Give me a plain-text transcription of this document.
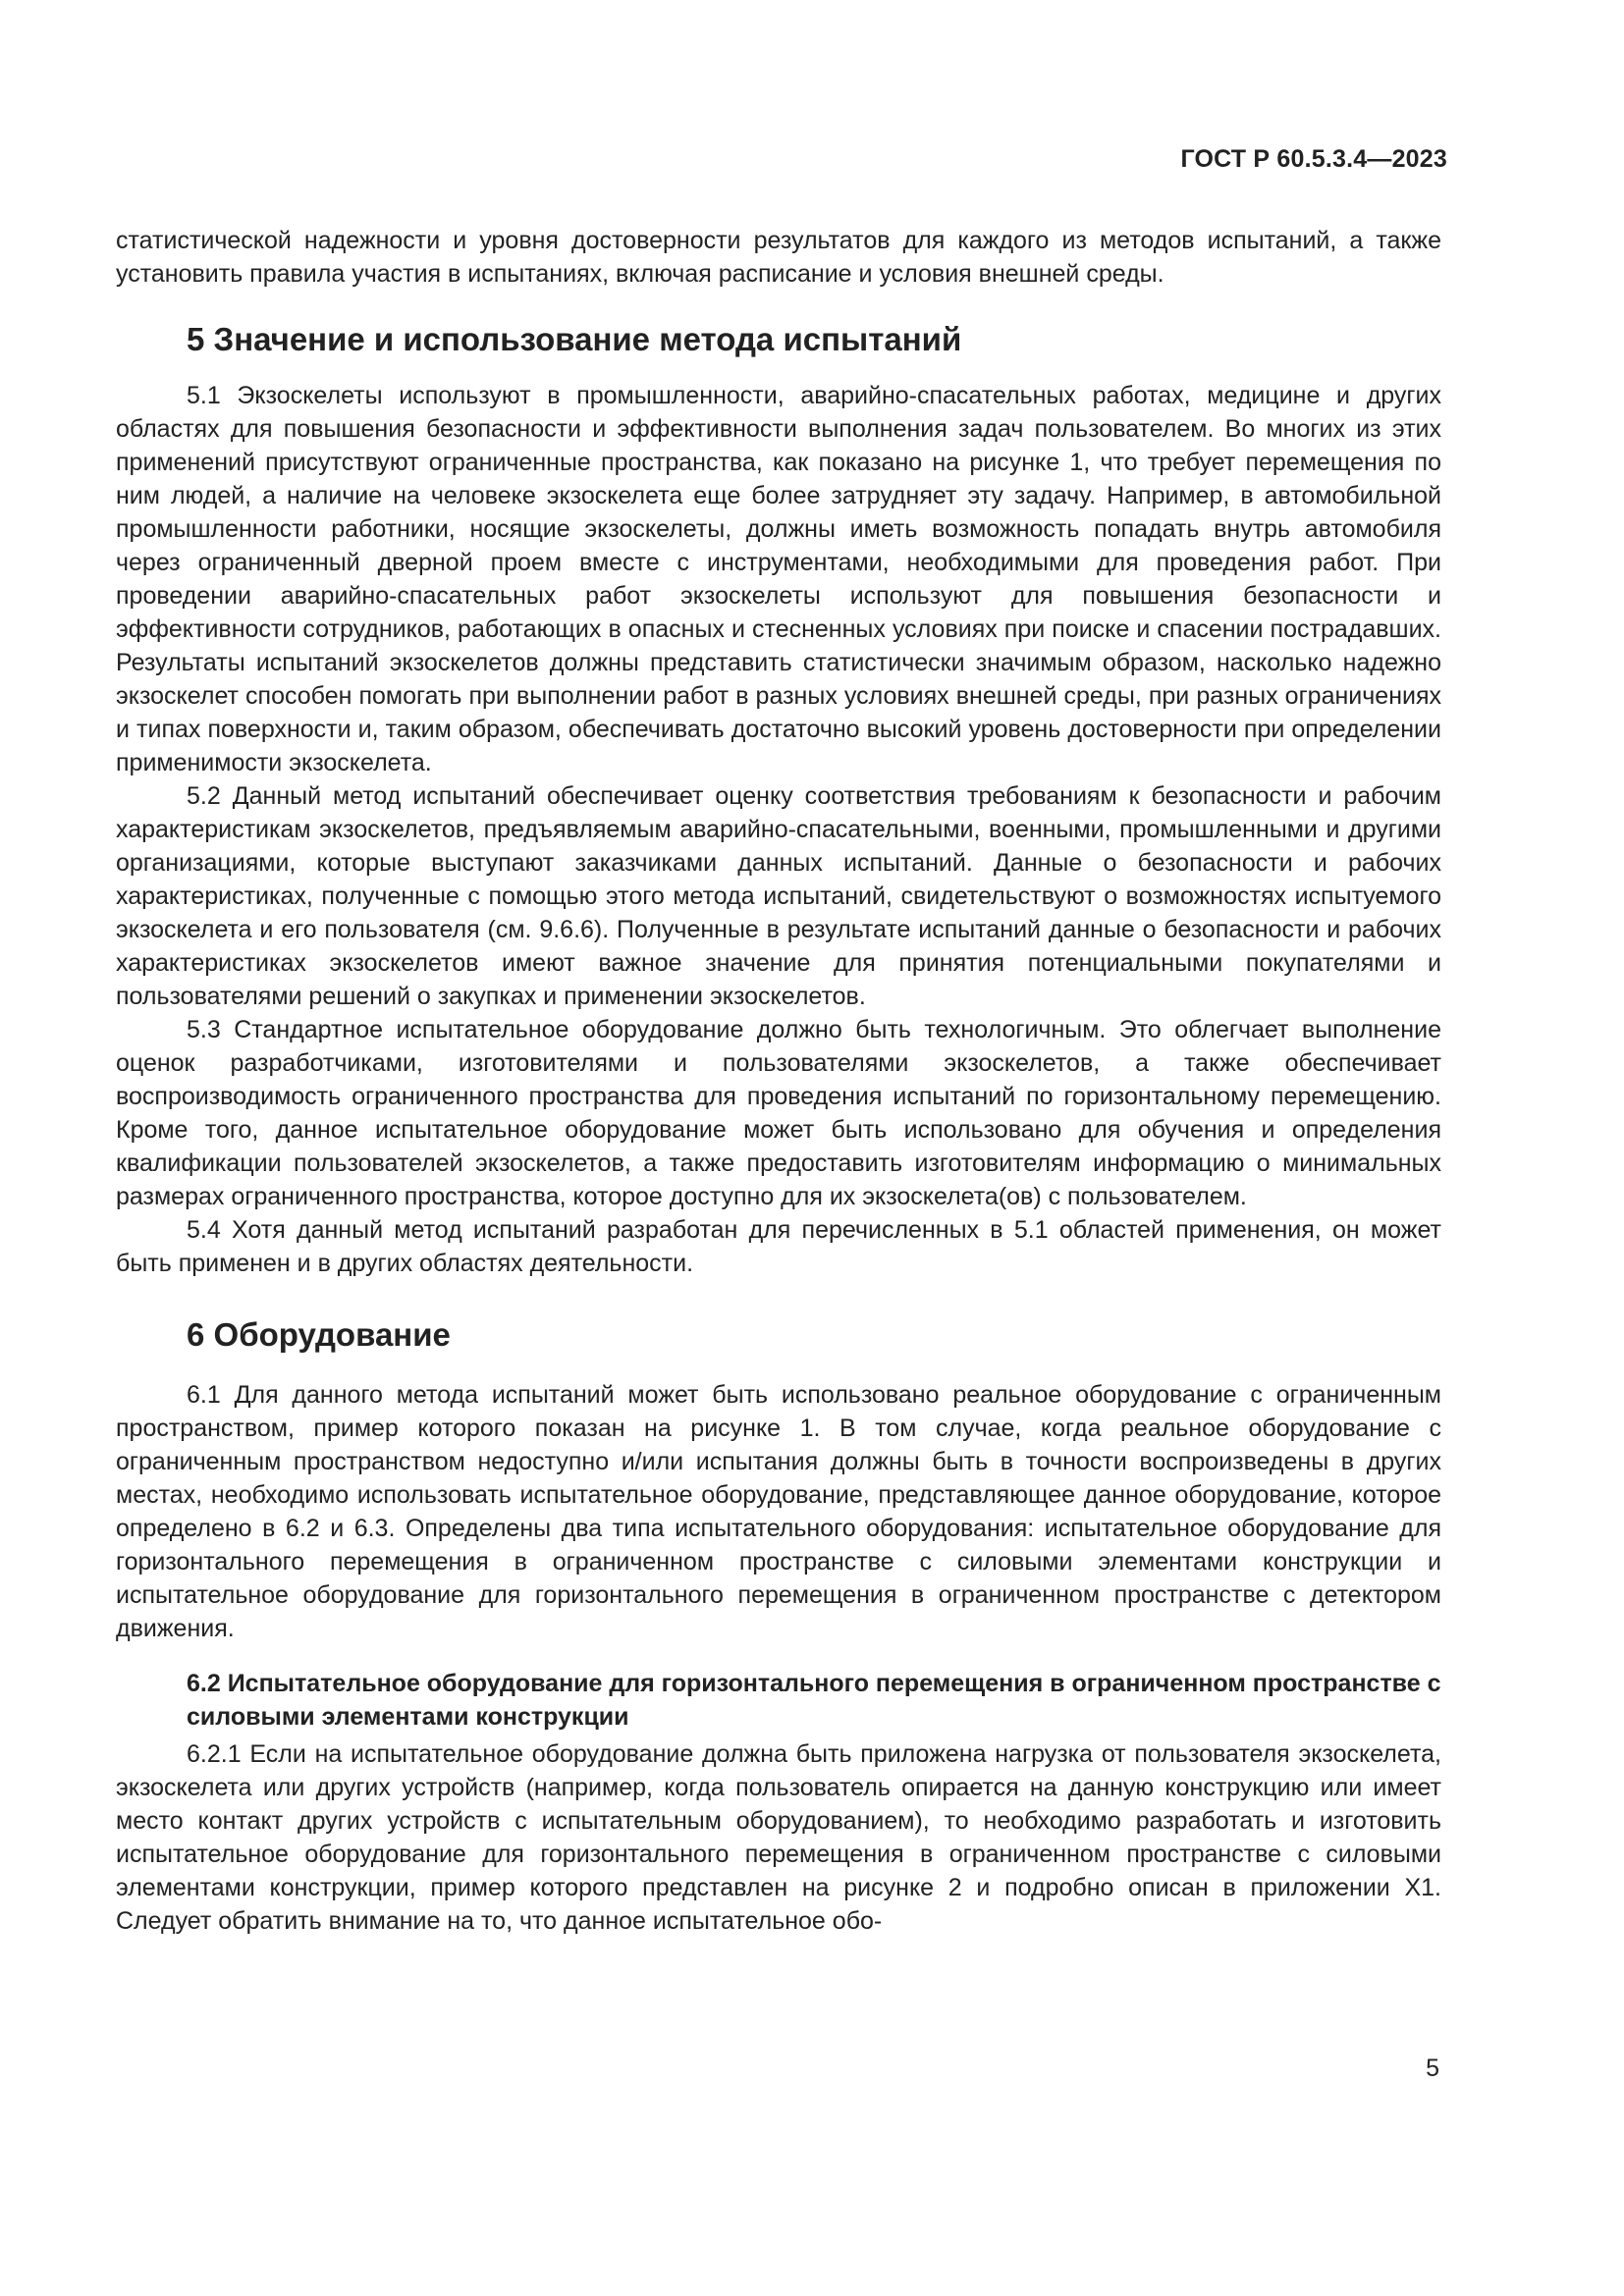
ГОСТ Р 60.5.3.4—2023

статистической надежности и уровня достоверности результатов для каждого из методов испытаний, а также установить правила участия в испытаниях, включая расписание и условия внешней среды.

5 Значение и использование метода испытаний

5.1 Экзоскелеты используют в промышленности, аварийно-спасательных работах, медицине и других областях для повышения безопасности и эффективности выполнения задач пользователем. Во многих из этих применений присутствуют ограниченные пространства, как показано на рисунке 1, что требует перемещения по ним людей, а наличие на человеке экзоскелета еще более затрудняет эту задачу. Например, в автомобильной промышленности работники, носящие экзоскелеты, должны иметь возможность попадать внутрь автомобиля через ограниченный дверной проем вместе с инструментами, необходимыми для проведения работ. При проведении аварийно-спасательных работ экзоскелеты используют для повышения безопасности и эффективности сотрудников, работающих в опасных и стесненных условиях при поиске и спасении пострадавших. Результаты испытаний экзоскелетов должны представить статистически значимым образом, насколько надежно экзоскелет способен помогать при выполнении работ в разных условиях внешней среды, при разных ограничениях и типах поверхности и, таким образом, обеспечивать достаточно высокий уровень достоверности при определении применимости экзоскелета.

5.2 Данный метод испытаний обеспечивает оценку соответствия требованиям к безопасности и рабочим характеристикам экзоскелетов, предъявляемым аварийно-спасательными, военными, промышленными и другими организациями, которые выступают заказчиками данных испытаний. Данные о безопасности и рабочих характеристиках, полученные с помощью этого метода испытаний, свидетельствуют о возможностях испытуемого экзоскелета и его пользователя (см. 9.6.6). Полученные в результате испытаний данные о безопасности и рабочих характеристиках экзоскелетов имеют важное значение для принятия потенциальными покупателями и пользователями решений о закупках и применении экзоскелетов.

5.3 Стандартное испытательное оборудование должно быть технологичным. Это облегчает выполнение оценок разработчиками, изготовителями и пользователями экзоскелетов, а также обеспечивает воспроизводимость ограниченного пространства для проведения испытаний по горизонтальному перемещению. Кроме того, данное испытательное оборудование может быть использовано для обучения и определения квалификации пользователей экзоскелетов, а также предоставить изготовителям информацию о минимальных размерах ограниченного пространства, которое доступно для их экзоскелета(ов) с пользователем.

5.4 Хотя данный метод испытаний разработан для перечисленных в 5.1 областей применения, он может быть применен и в других областях деятельности.

6 Оборудование

6.1 Для данного метода испытаний может быть использовано реальное оборудование с ограниченным пространством, пример которого показан на рисунке 1. В том случае, когда реальное оборудование с ограниченным пространством недоступно и/или испытания должны быть в точности воспроизведены в других местах, необходимо использовать испытательное оборудование, представляющее данное оборудование, которое определено в 6.2 и 6.3. Определены два типа испытательного оборудования: испытательное оборудование для горизонтального перемещения в ограниченном пространстве с силовыми элементами конструкции и испытательное оборудование для горизонтального перемещения в ограниченном пространстве с детектором движения.

6.2 Испытательное оборудование для горизонтального перемещения в ограниченном пространстве с силовыми элементами конструкции

6.2.1 Если на испытательное оборудование должна быть приложена нагрузка от пользователя экзоскелета, экзоскелета или других устройств (например, когда пользователь опирается на данную конструкцию или имеет место контакт других устройств с испытательным оборудованием), то необходимо разработать и изготовить испытательное оборудование для горизонтального перемещения в ограниченном пространстве с силовыми элементами конструкции, пример которого представлен на рисунке 2 и подробно описан в приложении X1. Следует обратить внимание на то, что данное испытательное обо-

5
